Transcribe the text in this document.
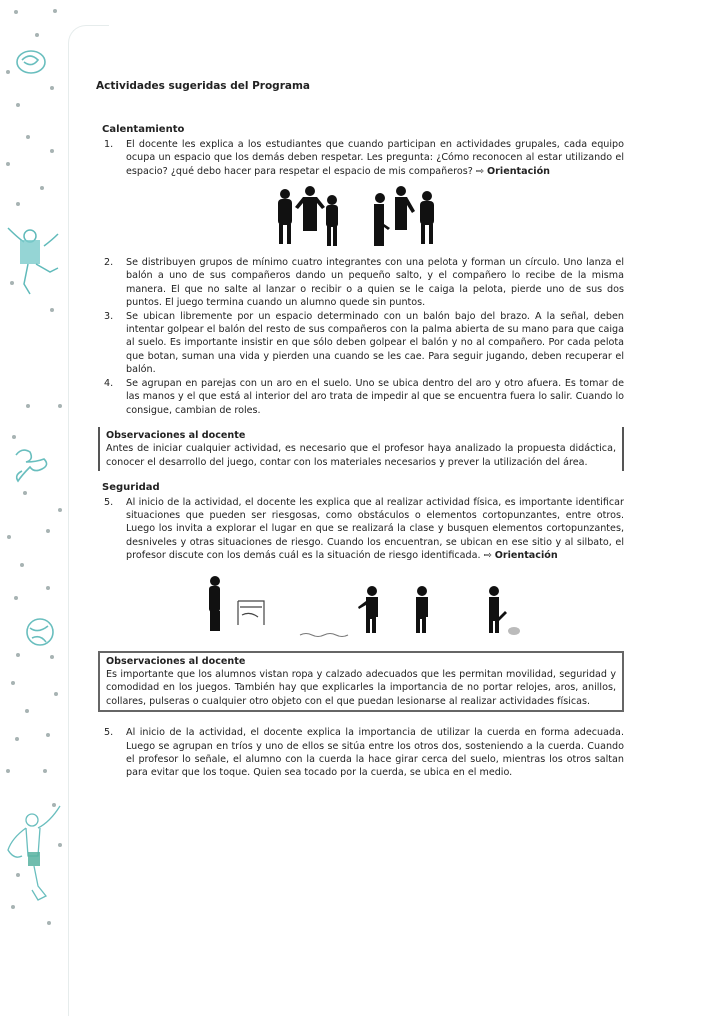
Actividades sugeridas del Programa
Calentamiento
1. El docente les explica a los estudiantes que cuando participan en actividades grupales, cada equipo ocupa un espacio que los demás deben respetar. Les pregunta: ¿Cómo reconocen al estar utilizando el espacio? ¿qué debo hacer para respetar el espacio de mis compañeros? ⇨ Orientación
2. Se distribuyen grupos de mínimo cuatro integrantes con una pelota y forman un círculo. Uno lanza el balón a uno de sus compañeros dando un pequeño salto, y el compañero lo recibe de la misma manera. El que no salte al lanzar o recibir o a quien se le caiga la pelota, pierde uno de sus dos puntos. El juego termina cuando un alumno quede sin puntos.
3. Se ubican libremente por un espacio determinado con un balón bajo del brazo. A la señal, deben intentar golpear el balón del resto de sus compañeros con la palma abierta de su mano para que caiga al suelo. Es importante insistir en que sólo deben golpear el balón y no al compañero. Por cada pelota que botan, suman una vida y pierden una cuando se les cae. Para seguir jugando, deben recuperar el balón.
4. Se agrupan en parejas con un aro en el suelo. Uno se ubica dentro del aro y otro afuera. Es tomar de las manos y el que está al interior del aro trata de impedir al que se encuentra fuera lo salir. Cuando lo consigue, cambian de roles.
Observaciones al docente
Antes de iniciar cualquier actividad, es necesario que el profesor haya analizado la propuesta didáctica, conocer el desarrollo del juego, contar con los materiales necesarios y prever la utilización del área.
Seguridad
5. Al inicio de la actividad, el docente les explica que al realizar actividad física, es importante identificar situaciones que pueden ser riesgosas, como obstáculos o elementos cortopunzantes, entre otros. Luego los invita a explorar el lugar en que se realizará la clase y busquen elementos cortopunzantes, desniveles y otras situaciones de riesgo. Cuando los encuentran, se ubican en ese sitio y al silbato, el profesor discute con los demás cuál es la situación de riesgo identificada. ⇨ Orientación
Observaciones al docente
Es importante que los alumnos vistan ropa y calzado adecuados que les permitan movilidad, seguridad y comodidad en los juegos. También hay que explicarles la importancia de no portar relojes, aros, anillos, collares, pulseras o cualquier otro objeto con el que puedan lesionarse al realizar actividades físicas.
5. Al inicio de la actividad, el docente explica la importancia de utilizar la cuerda en forma adecuada. Luego se agrupan en tríos y uno de ellos se sitúa entre los otros dos, sosteniendo a la cuerda. Cuando el profesor lo señale, el alumno con la cuerda la hace girar cerca del suelo, mientras los otros saltan para evitar que los toque. Quien sea tocado por la cuerda, se ubica en el medio.
